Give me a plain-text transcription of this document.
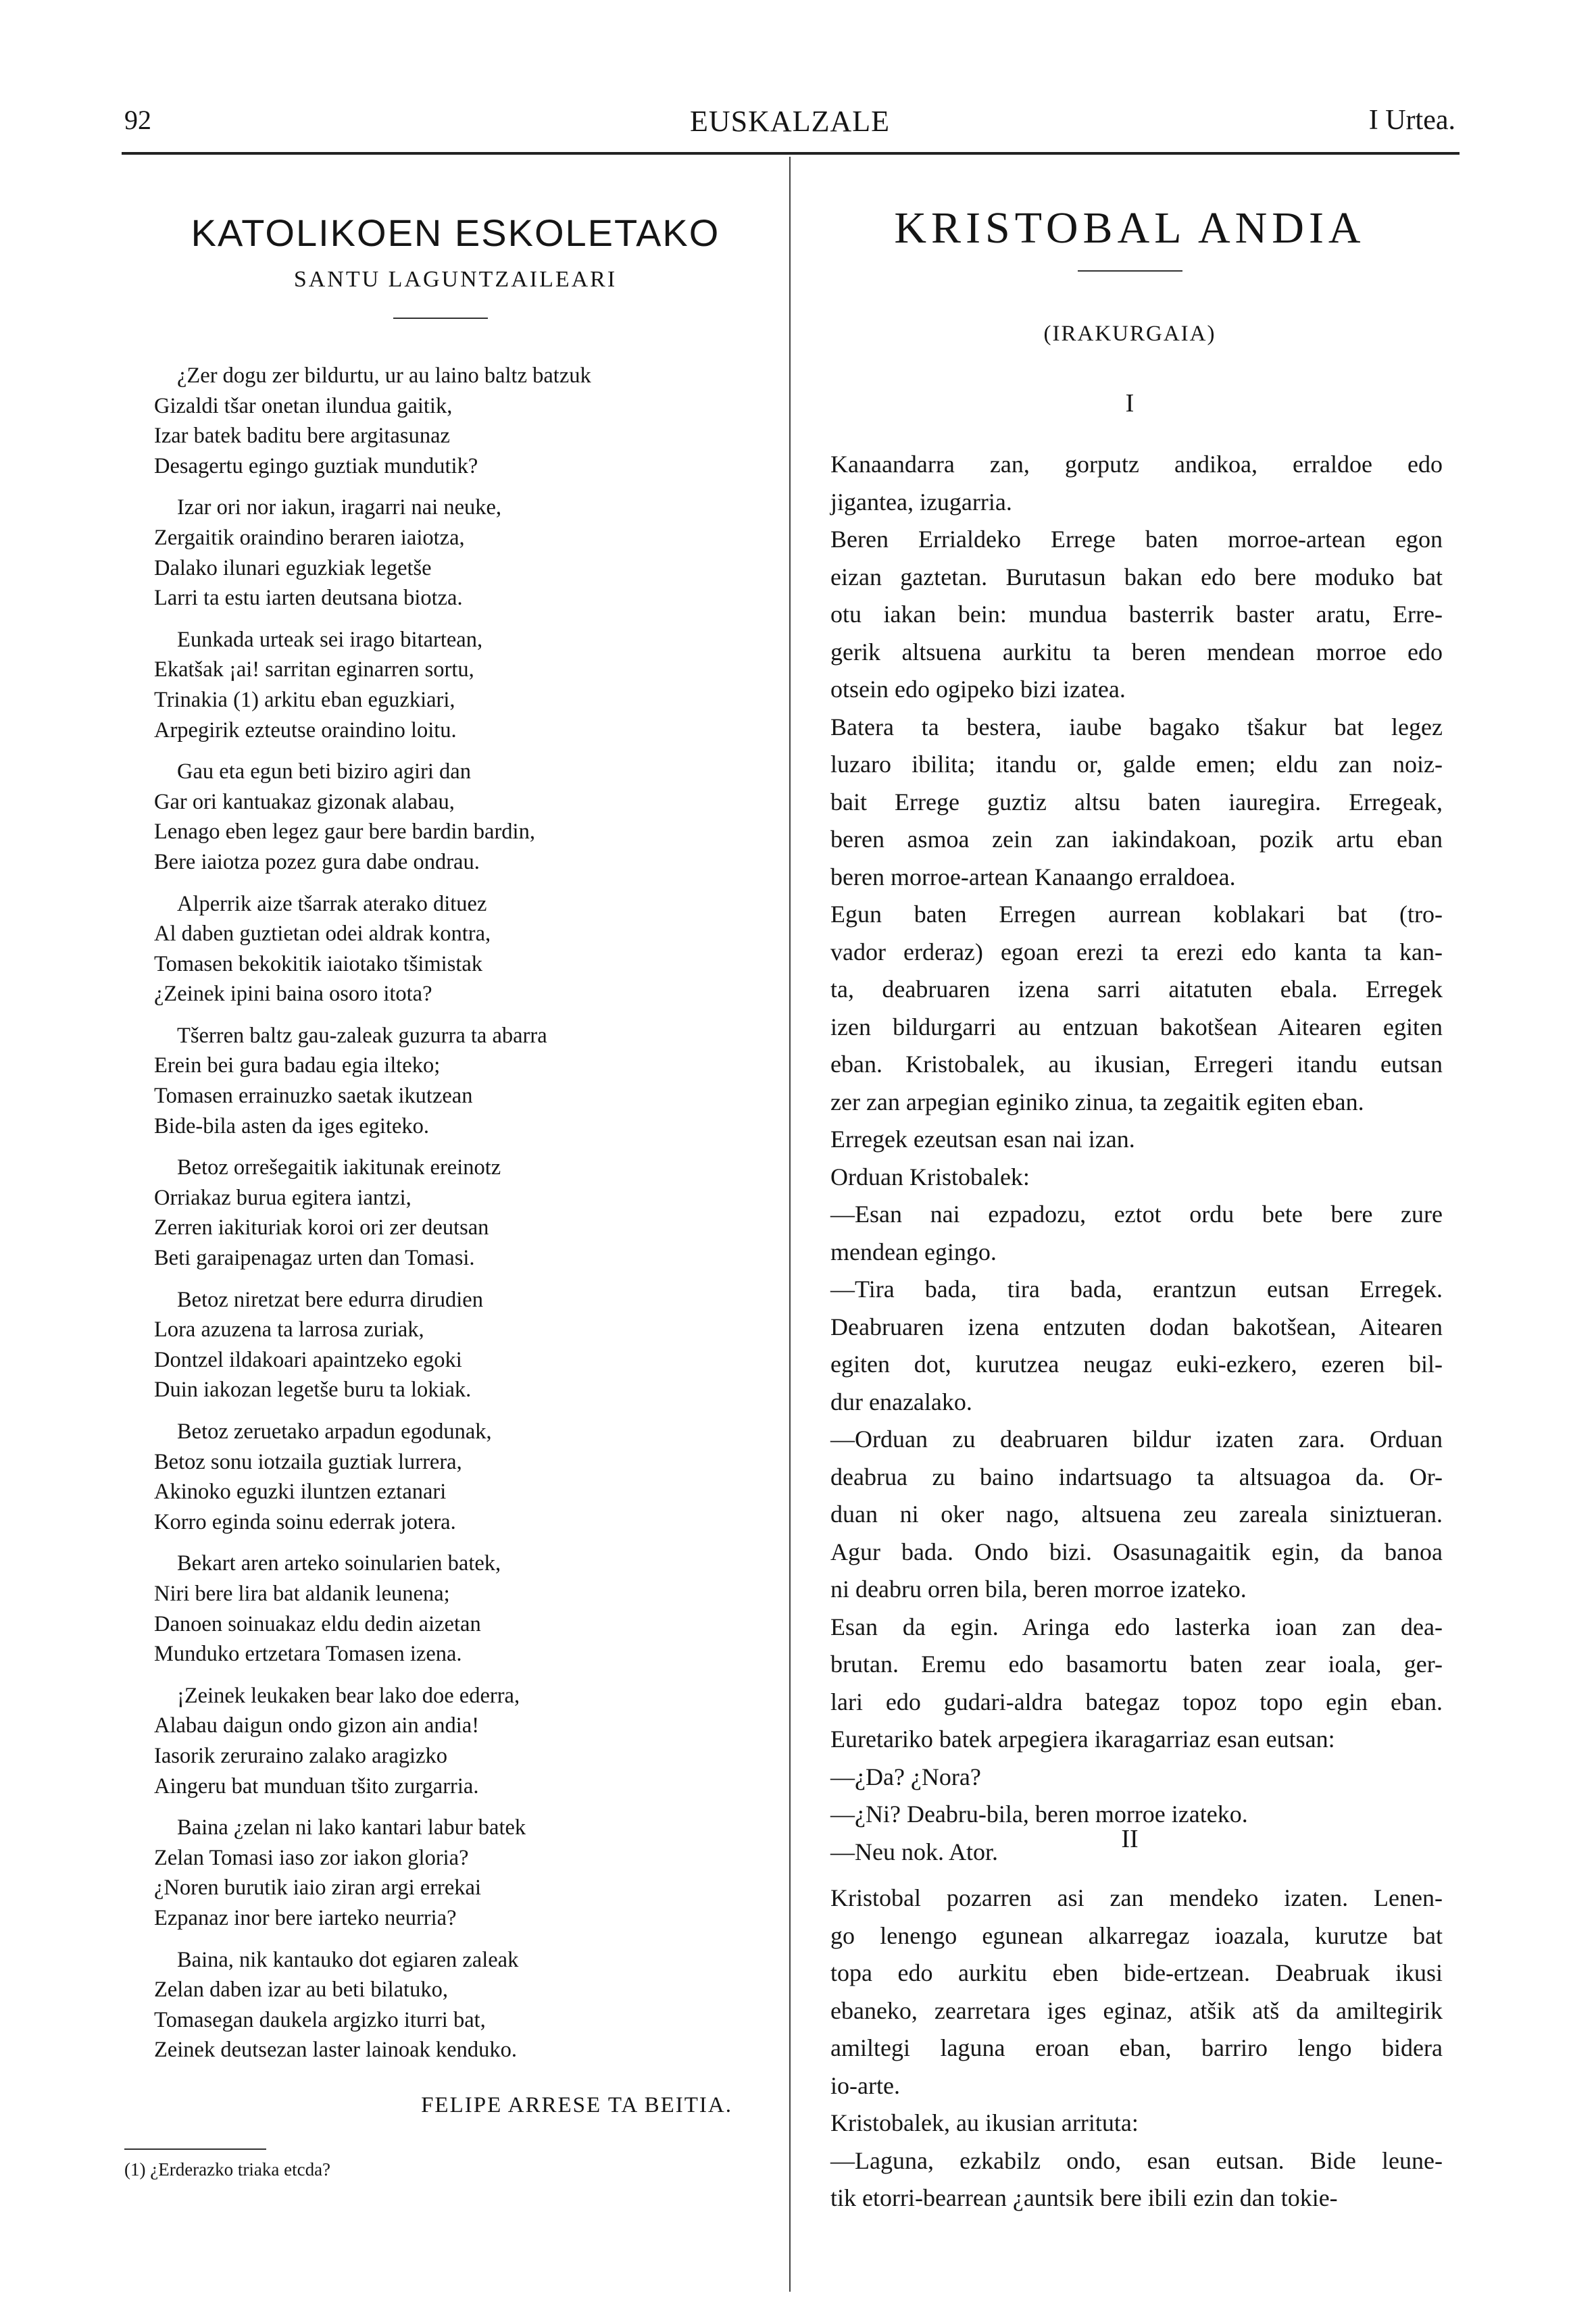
92	EUSKALZALE	I Urtea.
KATOLIKOEN ESKOLETAKO
SANTU LAGUNTZAILEARI
¿Zer dogu zer bildurtu, ur au laino baltz batzuk
Gizaldi tšar onetan ilundua gaitik,
Izar batek baditu bere argitasunaz
Desagertu egingo guztiak mundutik?
Izar ori nor iakun, iragarri nai neuke,
Zergaitik oraindino beraren iaiotza,
Dalako ilunari eguzkiak legetše
Larri ta estu iarten deutsana biotza.
Eunkada urteak sei irago bitartean,
Ekatšak ¡ai! sarritan eginarren sortu,
Trinakia (1) arkitu eban eguzkiari,
Arpegirik ezteutse oraindino loitu.
Gau eta egun beti biziro agiri dan
Gar ori kantuakaz gizonak alabau,
Lenago eben legez gaur bere bardin bardin,
Bere iaiotza pozez gura dabe ondrau.
Alperrik aize tšarrak aterako dituez
Al daben guztietan odei aldrak kontra,
Tomasen bekokitik iaiotako tšimistak
¿Zeinek ipini baina osoro itota?
Tšerren baltz gau-zaleak guzurra ta abarra
Erein bei gura badau egia ilteko;
Tomasen errainuzko saetak ikutzean
Bide-bila asten da iges egiteko.
Betoz orrešegaitik iakitunak ereinotz
Orriakaz burua egitera iantzi,
Zerren iakituriak koroi ori zer deutsan
Beti garaipenagaz urten dan Tomasi.
Betoz niretzat bere edurra dirudien
Lora azuzena ta larrosa zuriak,
Dontzel ildakoari apaintzeko egoki
Duin iakozan legetše buru ta lokiak.
Betoz zeruetako arpadun egodunak,
Betoz sonu iotzaila guztiak lurrera,
Akinoko eguzki iluntzen eztanari
Korro eginda soinu ederrak jotera.
Bekart aren arteko soinularien batek,
Niri bere lira bat aldanik leunena;
Danoen soinuakaz eldu dedin aizetan
Munduko ertzetara Tomasen izena.
¡Zeinek leukaken bear lako doe ederra,
Alabau daigun ondo gizon ain andia!
Iasorik zeruraino zalako aragizko
Aingeru bat munduan tšito zurgarria.
Baina ¿zelan ni lako kantari labur batek
Zelan Tomasi iaso zor iakon gloria?
¿Noren burutik iaio ziran argi errekai
Ezpanaz inor bere iarteko neurria?
Baina, nik kantauko dot egiaren zaleak
Zelan daben izar au beti bilatuko,
Tomasegan daukela argizko iturri bat,
Zeinek deutsezan laster lainoak kenduko.
FELIPE ARRESE TA BEITIA.
(1) ¿Erderazko triaka etcda?
KRISTOBAL ANDIA
(IRAKURGAIA)
I

Kanaandarra zan, gorputz andikoa, erraldoe edo
jigantea, izugarria.

Beren Errialdeko Errege baten morroe-artean egon
eizan gaztetan. Burutasun bakan edo bere moduko bat
otu iakan bein: mundua basterrik baster aratu, Erre-
gerik altsuena aurkitu ta beren mendean morroe edo
otsein edo ogipeko bizi izatea.

Batera ta bestera, iaube bagako tšakur bat legez
luzaro ibilita; itandu or, galde emen; eldu zan noiz-
bait Errege guztiz altsu baten iauregira. Erregeak,
beren asmoa zein zan iakindakoan, pozik artu eban
beren morroe-artean Kanaango erraldoea.

Egun baten Erregen aurrean koblakari bat (tro-
vador erderaz) egoan erezi ta erezi edo kanta ta kan-
ta, deabruaren izena sarri aitatuten ebala. Erregek
izen bildurgarri au entzuan bakotšean Aitearen egiten
eban. Kristobalek, au ikusian, Erregeri itandu eutsan
zer zan arpegian eginiko zinua, ta zegaitik egiten eban.

Erregek ezeutsan esan nai izan.

Orduan Kristobalek:

—Esan nai ezpadozu, eztot ordu bete bere zure
mendean egingo.

—Tira bada, tira bada, erantzun eutsan Erregek.
Deabruaren izena entzuten dodan bakotšean, Aitearen
egiten dot, kurutzea neugaz euki-ezkero, ezeren bil-
dur enazalako.

—Orduan zu deabruaren bildur izaten zara. Orduan
deabrua zu baino indartsuago ta altsuagoa da. Or-
duan ni oker nago, altsuena zeu zareala siniztueran.
Agur bada. Ondo bizi. Osasunagaitik egin, da banoa
ni deabru orren bila, beren morroe izateko.

Esan da egin. Aringa edo lasterka ioan zan dea-
brutan. Eremu edo basamortu baten zear ioala, ger-
lari edo gudari-aldra bategaz topoz topo egin eban.
Euretariko batek arpegiera ikaragarriaz esan eutsan:

—¿Da? ¿Nora?

—¿Ni? Deabru-bila, beren morroe izateko.

—Neu nok. Ator.	II

Kristobal pozarren asi zan mendeko izaten. Lenen-
go lenengo egunean alkarregaz ioazala, kurutze bat
topa edo aurkitu eben bide-ertzean. Deabruak ikusi
ebaneko, zearretara iges eginaz, atšik atš da amiltegirik
amiltegi laguna eroan eban, barriro lengo bidera
io-arte.

Kristobalek, au ikusian arrituta:

—Laguna, ezkabilz ondo, esan eutsan. Bide leune-
tik etorri-bearrean ¿auntsik bere ibili ezin dan tokie-
